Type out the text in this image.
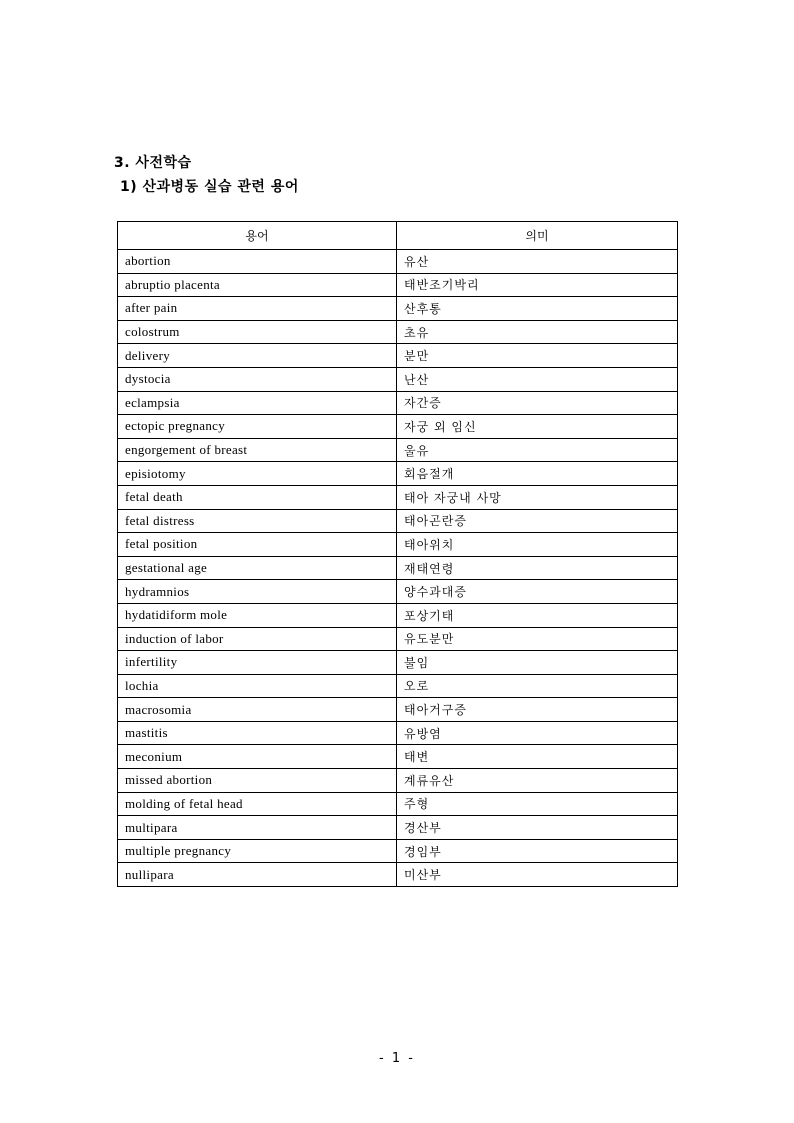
3. 사전학습
1) 산과병동 실습 관련 용어
용어	의미
abortion	유산
abruptio placenta	태반조기박리
after pain	산후통
colostrum	초유
delivery	분만
dystocia	난산
eclampsia	자간증
ectopic pregnancy	자궁 외 임신
engorgement of breast	울유
episiotomy	회음절개
fetal death	태아 자궁내 사망
fetal distress	태아곤란증
fetal position	태아위치
gestational age	재태연령
hydramnios	양수과대증
hydatidiform mole	포상기태
induction of labor	유도분만
infertility	불임
lochia	오로
macrosomia	태아거구증
mastitis	유방염
meconium	태변
missed abortion	계류유산
molding of fetal head	주형
multipara	경산부
multiple pregnancy	경임부
nullipara	미산부
- 1 -
